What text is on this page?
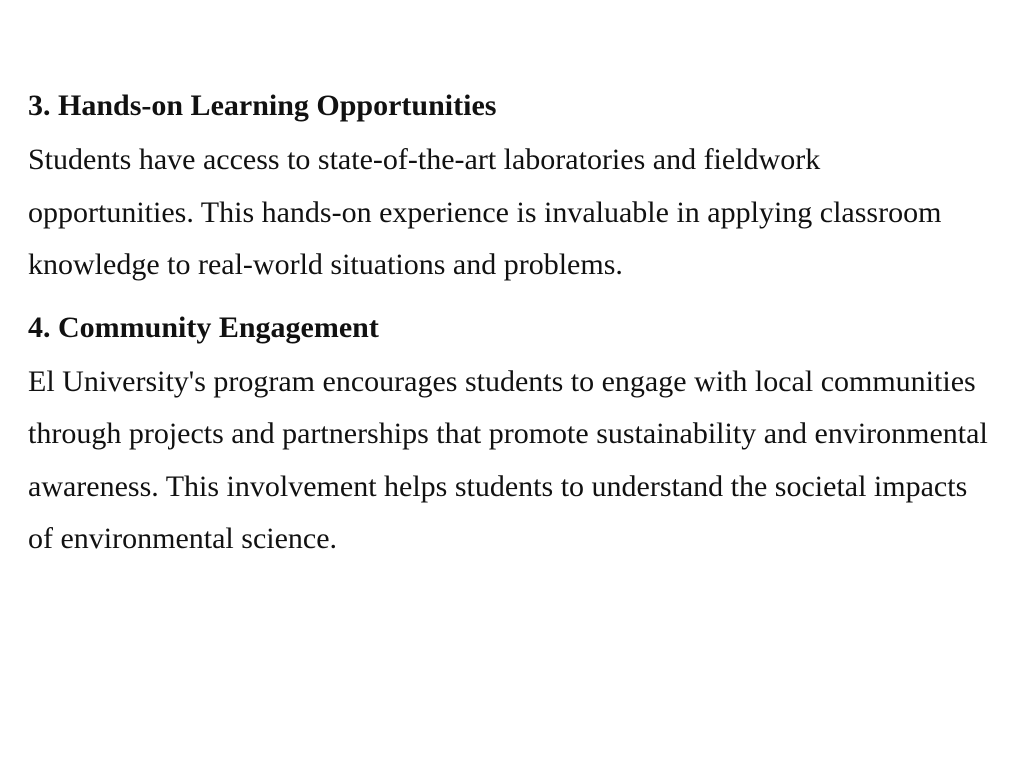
3. Hands-on Learning Opportunities

Students have access to state-of-the-art laboratories and fieldwork opportunities. This hands-on experience is invaluable in applying classroom knowledge to real-world situations and problems.

4. Community Engagement

El University's program encourages students to engage with local communities through projects and partnerships that promote sustainability and environmental awareness. This involvement helps students to understand the societal impacts of environmental science.
